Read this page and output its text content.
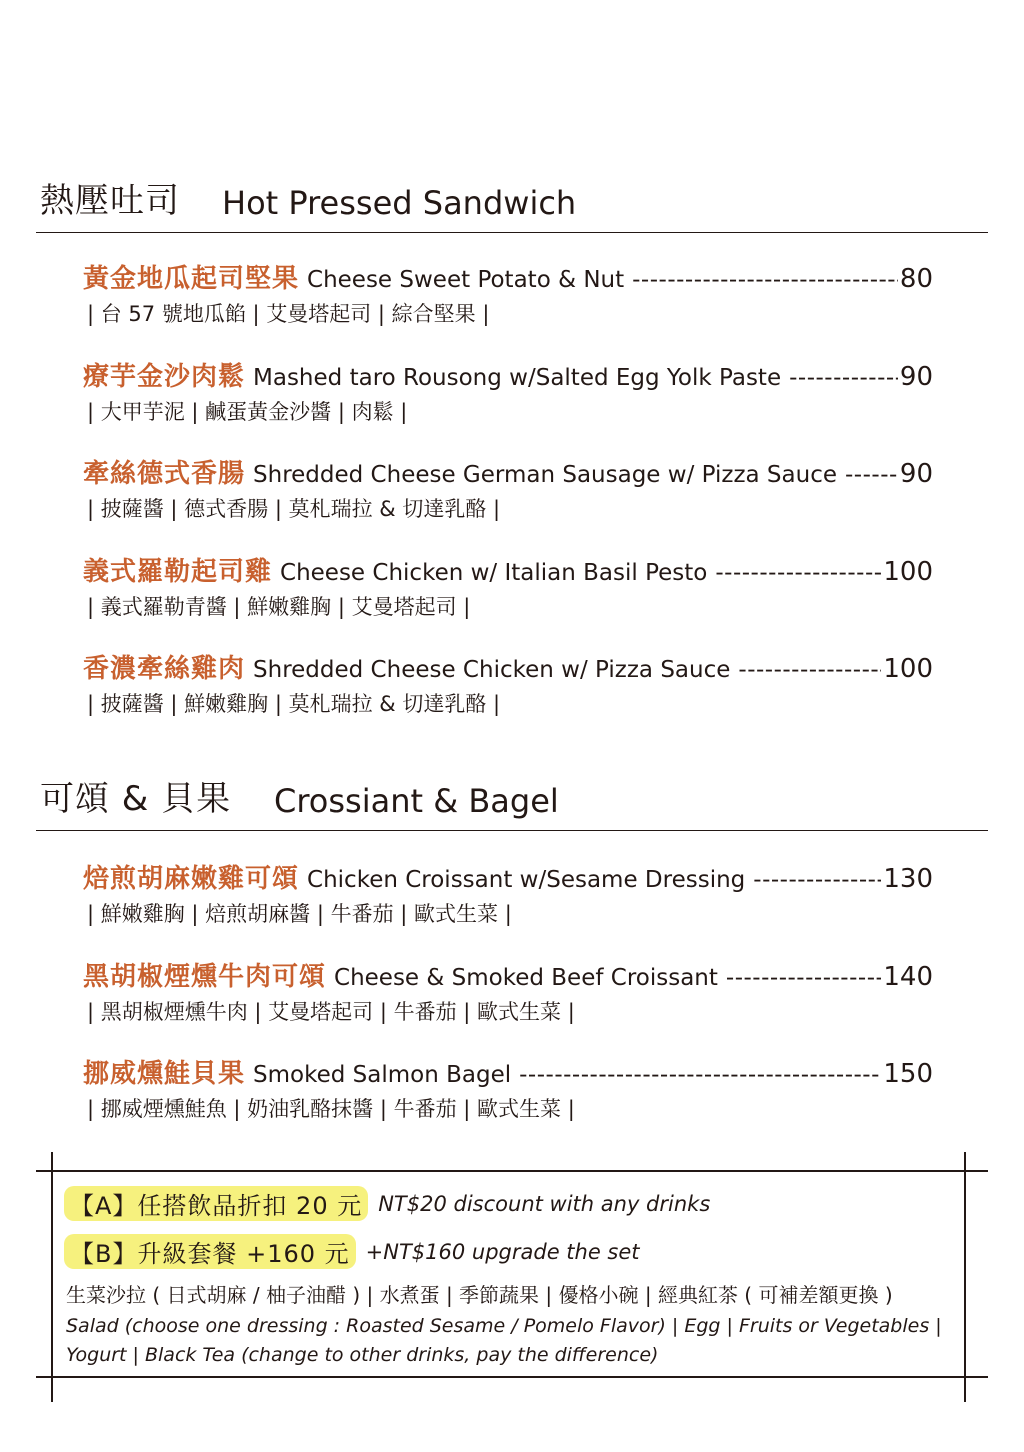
熱壓吐司 Hot Pressed Sandwich
黃金地瓜起司堅果 Cheese Sweet Potato & Nut -----	80
| 台 57 號地瓜餡 | 艾曼塔起司 | 綜合堅果 |
療芋金沙肉鬆 Mashed taro Rousong w/Salted Egg Yolk Paste -----	90
| 大甲芋泥 | 鹹蛋黃金沙醬 | 肉鬆 |
牽絲德式香腸 Shredded Cheese German Sausage w/ Pizza Sauce ----- 90
| 披薩醬 | 德式香腸 | 莫札瑞拉 & 切達乳酪 |
義式羅勒起司雞 Cheese Chicken w/ Italian Basil Pesto -----	100
| 義式羅勒青醬 | 鮮嫩雞胸 | 艾曼塔起司 |
香濃牽絲雞肉 Shredded Cheese Chicken w/ Pizza Sauce -----	100
| 披薩醬 | 鮮嫩雞胸 | 莫札瑞拉 & 切達乳酪 |
可頌 & 貝果 Crossiant & Bagel
焙煎胡麻嫩雞可頌 Chicken Croissant w/Sesame Dressing -----	130
| 鮮嫩雞胸 | 焙煎胡麻醬 | 牛番茄 | 歐式生菜 |
黑胡椒煙燻牛肉可頌 Cheese & Smoked Beef Croissant -----	140
| 黑胡椒煙燻牛肉 | 艾曼塔起司 | 牛番茄 | 歐式生菜 |
挪威燻鮭貝果 Smoked Salmon Bagel -----	150
| 挪威煙燻鮭魚 | 奶油乳酪抹醬 | 牛番茄 | 歐式生菜 |
【A】任搭飲品折扣 20 元 NT$20 discount with any drinks
【B】升級套餐 +160 元 +NT$160 upgrade the set
生菜沙拉 ( 日式胡麻 / 柚子油醋 ) | 水煮蛋 | 季節蔬果 | 優格小碗 | 經典紅茶 ( 可補差額更換 )
Salad (choose one dressing : Roasted Sesame / Pomelo Flavor) | Egg | Fruits or Vegetables | Yogurt | Black Tea (change to other drinks, pay the difference)
